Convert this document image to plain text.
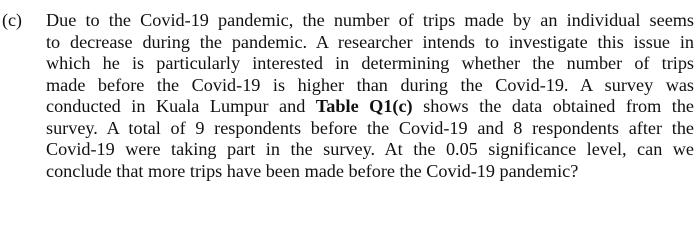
(c) Due to the Covid-19 pandemic, the number of trips made by an individual seems
to decrease during the pandemic. A researcher intends to investigate this issue in
which he is particularly interested in determining whether the number of trips
made before the Covid-19 is higher than during the Covid-19. A survey was
conducted in Kuala Lumpur and Table Q1(c) shows the data obtained from the
survey. A total of 9 respondents before the Covid-19 and 8 respondents after the
Covid-19 were taking part in the survey. At the 0.05 significance level, can we
conclude that more trips have been made before the Covid-19 pandemic?
